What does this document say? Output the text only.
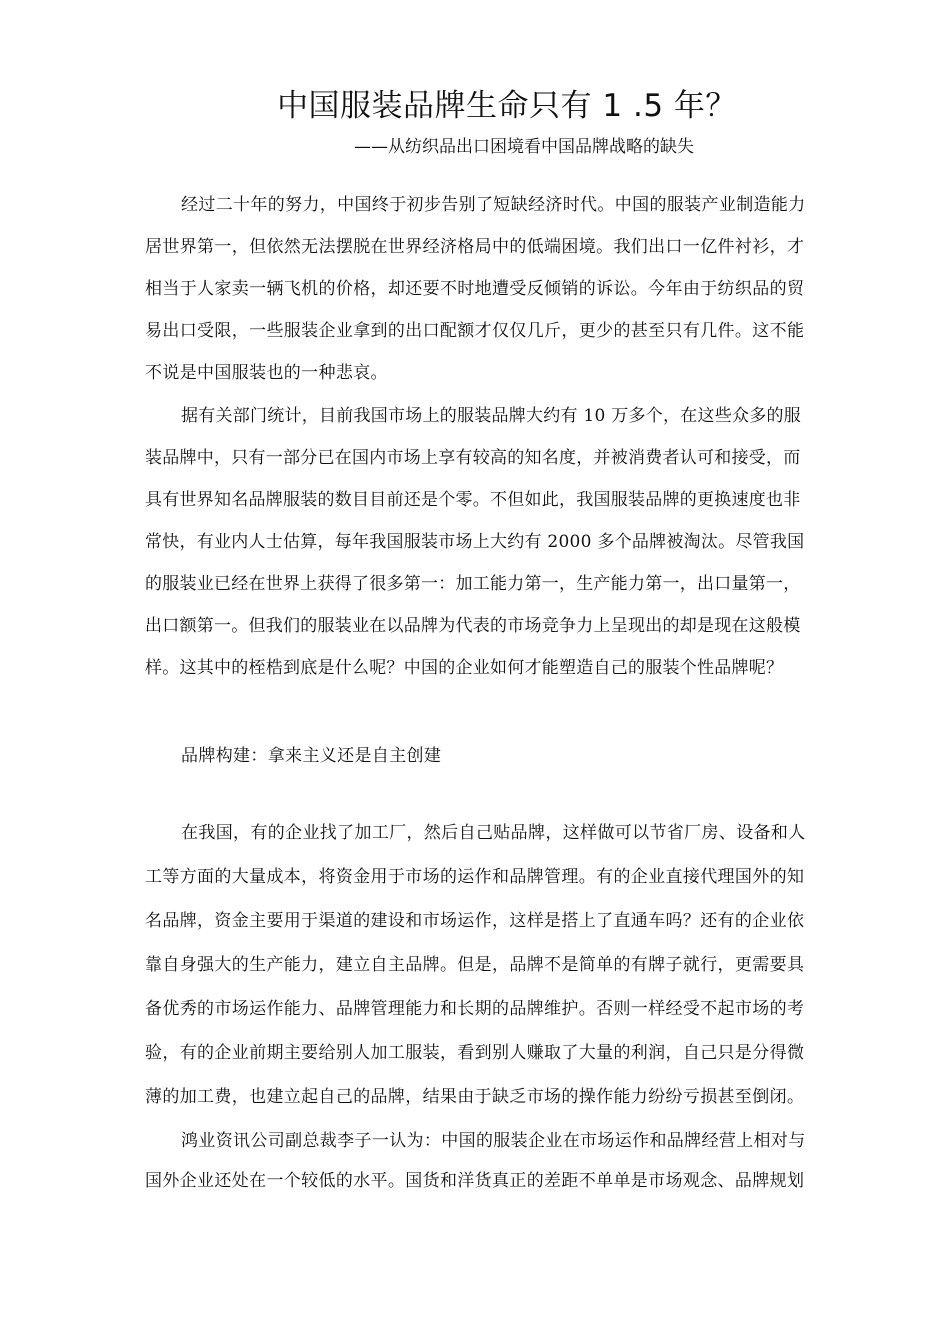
中国服装品牌生命只有 1 .5 年？
——从纺织品出口困境看中国品牌战略的缺失
经过二十年的努力，中国终于初步告别了短缺经济时代。中国的服装产业制造能力
居世界第一，但依然无法摆脱在世界经济格局中的低端困境。我们出口一亿件衬衫，才
相当于人家卖一辆飞机的价格，却还要不时地遭受反倾销的诉讼。今年由于纺织品的贸
易出口受限，一些服装企业拿到的出口配额才仅仅几斤，更少的甚至只有几件。这不能
不说是中国服装也的一种悲哀。
据有关部门统计，目前我国市场上的服装品牌大约有 10 万多个，在这些众多的服
装品牌中，只有一部分已在国内市场上享有较高的知名度，并被消费者认可和接受，而
具有世界知名品牌服装的数目目前还是个零。不但如此，我国服装品牌的更换速度也非
常快，有业内人士估算，每年我国服装市场上大约有 2000 多个品牌被淘汰。尽管我国
的服装业已经在世界上获得了很多第一：加工能力第一，生产能力第一，出口量第一，
出口额第一。但我们的服装业在以品牌为代表的市场竞争力上呈现出的却是现在这般模
样。这其中的桎梏到底是什么呢？中国的企业如何才能塑造自己的服装个性品牌呢？
品牌构建：拿来主义还是自主创建
在我国，有的企业找了加工厂，然后自己贴品牌，这样做可以节省厂房、设备和人
工等方面的大量成本，将资金用于市场的运作和品牌管理。有的企业直接代理国外的知
名品牌，资金主要用于渠道的建设和市场运作，这样是搭上了直通车吗？还有的企业依
靠自身强大的生产能力，建立自主品牌。但是，品牌不是简单的有牌子就行，更需要具
备优秀的市场运作能力、品牌管理能力和长期的品牌维护。否则一样经受不起市场的考
验，有的企业前期主要给别人加工服装，看到别人赚取了大量的利润，自己只是分得微
薄的加工费，也建立起自己的品牌，结果由于缺乏市场的操作能力纷纷亏损甚至倒闭。
鸿业资讯公司副总裁李子一认为：中国的服装企业在市场运作和品牌经营上相对与
国外企业还处在一个较低的水平。国货和洋货真正的差距不单单是市场观念、品牌规划
